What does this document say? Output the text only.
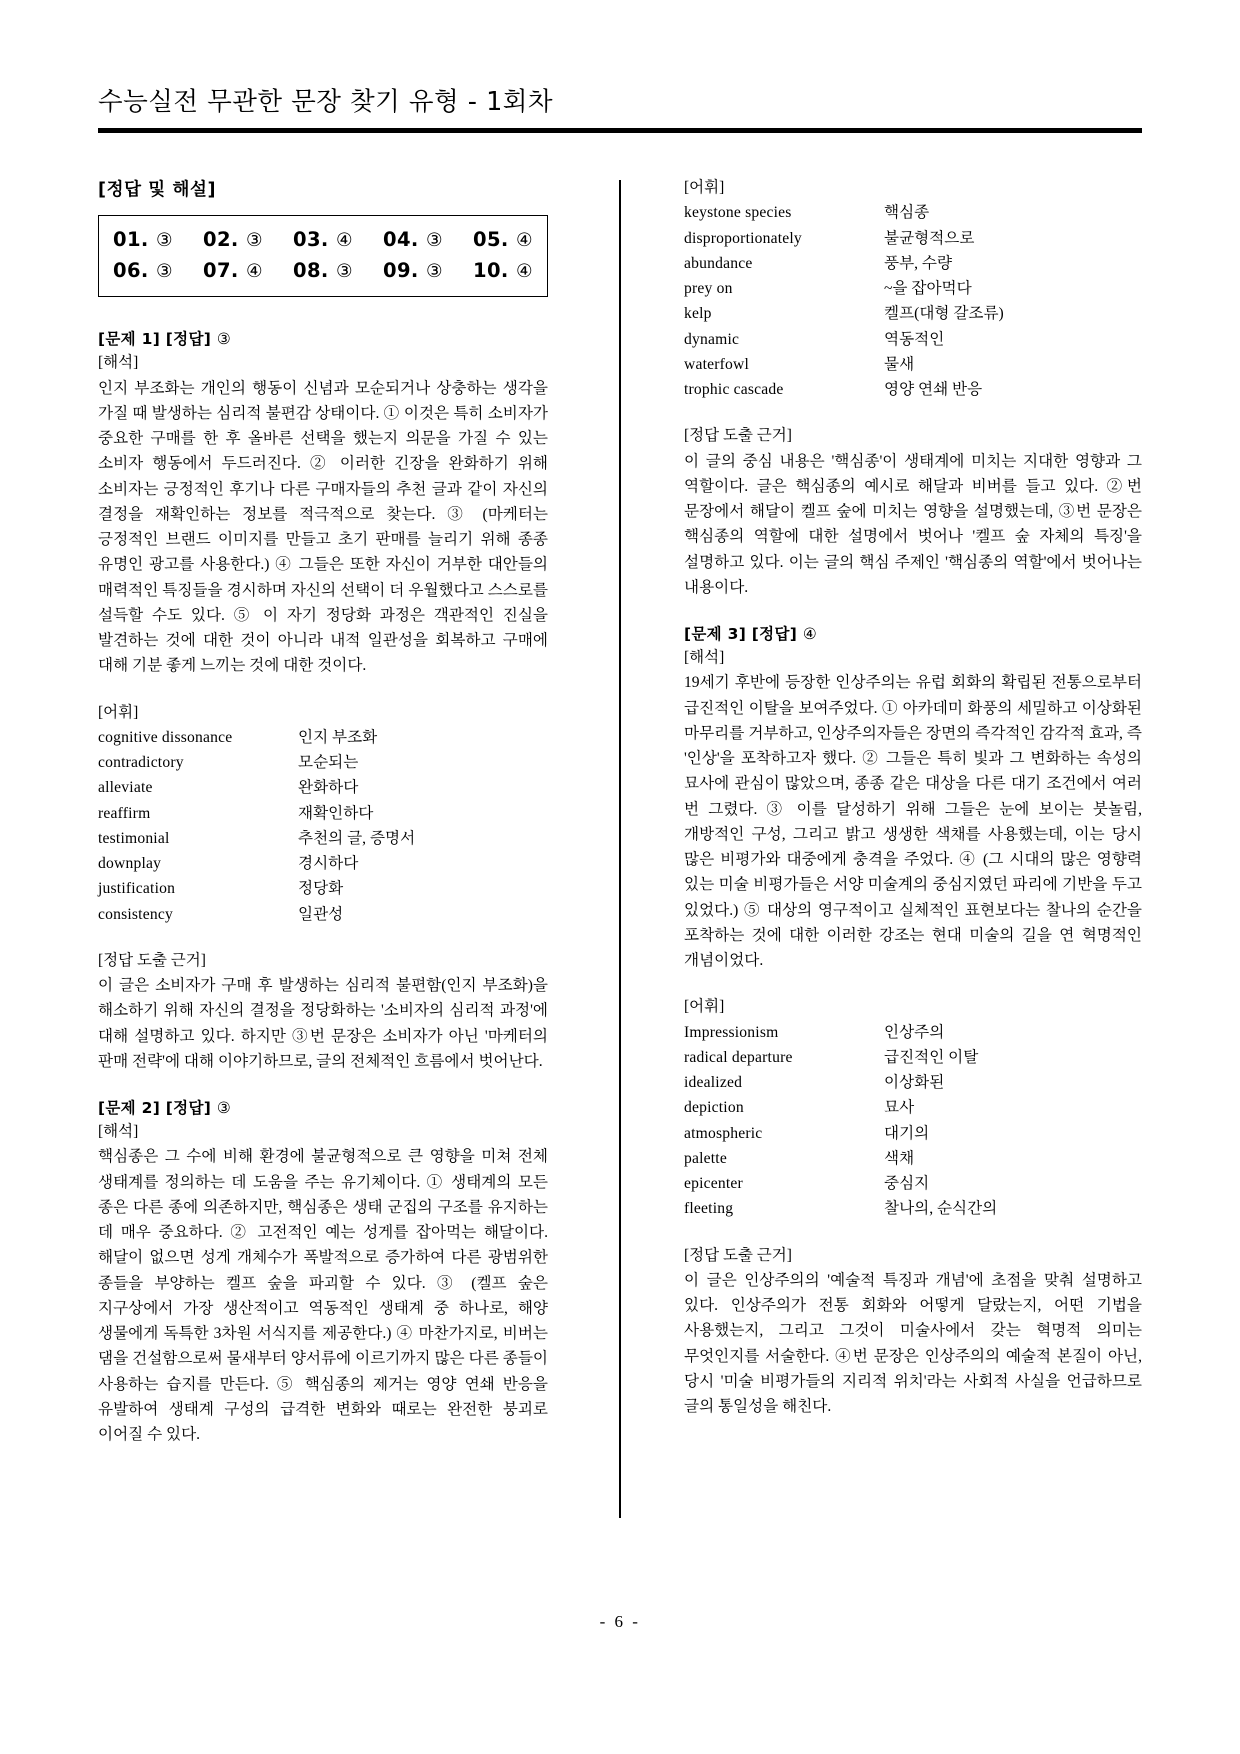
수능실전 무관한 문장 찾기 유형 - 1회차
[정답 및 해설]
01. ③ 02. ③ 03. ④ 04. ③ 05. ④
06. ③ 07. ④ 08. ③ 09. ③ 10. ④
[문제 1] [정답] ③
[해석]

인지 부조화는 개인의 행동이 신념과 모순되거나 상충하는 생각을 가질 때 발생하는 심리적 불편감 상태이다. ① 이것은 특히 소비자가 중요한 구매를 한 후 올바른 선택을 했는지 의문을 가질 수 있는 소비자 행동에서 두드러진다. ② 이러한 긴장을 완화하기 위해 소비자는 긍정적인 후기나 다른 구매자들의 추천 글과 같이 자신의 결정을 재확인하는 정보를 적극적으로 찾는다. ③ (마케터는 긍정적인 브랜드 이미지를 만들고 초기 판매를 늘리기 위해 종종 유명인 광고를 사용한다.) ④ 그들은 또한 자신이 거부한 대안들의 매력적인 특징들을 경시하며 자신의 선택이 더 우월했다고 스스로를 설득할 수도 있다. ⑤ 이 자기 정당화 과정은 객관적인 진실을 발견하는 것에 대한 것이 아니라 내적 일관성을 회복하고 구매에 대해 기분 좋게 느끼는 것에 대한 것이다.

[어휘]
cognitive dissonance	인지 부조화
contradictory	모순되는
alleviate	완화하다
reaffirm	재확인하다
testimonial	추천의 글, 증명서
downplay	경시하다
justification	정당화
consistency	일관성
[정답 도출 근거]

이 글은 소비자가 구매 후 발생하는 심리적 불편함(인지 부조화)을 해소하기 위해 자신의 결정을 정당화하는 '소비자의 심리적 과정'에 대해 설명하고 있다. 하지만 ③번 문장은 소비자가 아닌 '마케터의 판매 전략'에 대해 이야기하므로, 글의 전체적인 흐름에서 벗어난다.

[문제 2] [정답] ③
[해석]

핵심종은 그 수에 비해 환경에 불균형적으로 큰 영향을 미쳐 전체 생태계를 정의하는 데 도움을 주는 유기체이다. ① 생태계의 모든 종은 다른 종에 의존하지만, 핵심종은 생태 군집의 구조를 유지하는 데 매우 중요하다. ② 고전적인 예는 성게를 잡아먹는 해달이다. 해달이 없으면 성게 개체수가 폭발적으로 증가하여 다른 광범위한 종들을 부양하는 켈프 숲을 파괴할 수 있다. ③ (켈프 숲은 지구상에서 가장 생산적이고 역동적인 생태계 중 하나로, 해양 생물에게 독특한 3차원 서식지를 제공한다.) ④ 마찬가지로, 비버는 댐을 건설함으로써 물새부터 양서류에 이르기까지 많은 다른 종들이 사용하는 습지를 만든다. ⑤ 핵심종의 제거는 영양 연쇄 반응을 유발하여 생태계 구성의 급격한 변화와 때로는 완전한 붕괴로 이어질 수 있다.

[어휘]
keystone species	핵심종
disproportionately	불균형적으로
abundance	풍부, 수량
prey on	~을 잡아먹다
kelp	켈프(대형 갈조류)
dynamic	역동적인
waterfowl	물새
trophic cascade	영양 연쇄 반응
[정답 도출 근거]

이 글의 중심 내용은 '핵심종'이 생태계에 미치는 지대한 영향과 그 역할이다. 글은 핵심종의 예시로 해달과 비버를 들고 있다. ②번 문장에서 해달이 켈프 숲에 미치는 영향을 설명했는데, ③번 문장은 핵심종의 역할에 대한 설명에서 벗어나 '켈프 숲 자체의 특징'을 설명하고 있다. 이는 글의 핵심 주제인 '핵심종의 역할'에서 벗어나는 내용이다.

[문제 3] [정답] ④
[해석]

19세기 후반에 등장한 인상주의는 유럽 회화의 확립된 전통으로부터 급진적인 이탈을 보여주었다. ① 아카데미 화풍의 세밀하고 이상화된 마무리를 거부하고, 인상주의자들은 장면의 즉각적인 감각적 효과, 즉 '인상'을 포착하고자 했다. ② 그들은 특히 빛과 그 변화하는 속성의 묘사에 관심이 많았으며, 종종 같은 대상을 다른 대기 조건에서 여러 번 그렸다. ③ 이를 달성하기 위해 그들은 눈에 보이는 붓놀림, 개방적인 구성, 그리고 밝고 생생한 색채를 사용했는데, 이는 당시 많은 비평가와 대중에게 충격을 주었다. ④ (그 시대의 많은 영향력 있는 미술 비평가들은 서양 미술계의 중심지였던 파리에 기반을 두고 있었다.) ⑤ 대상의 영구적이고 실체적인 표현보다는 찰나의 순간을 포착하는 것에 대한 이러한 강조는 현대 미술의 길을 연 혁명적인 개념이었다.

[어휘]
Impressionism	인상주의
radical departure	급진적인 이탈
idealized	이상화된
depiction	묘사
atmospheric	대기의
palette	색채
epicenter	중심지
fleeting	찰나의, 순식간의
[정답 도출 근거]

이 글은 인상주의의 '예술적 특징과 개념'에 초점을 맞춰 설명하고 있다. 인상주의가 전통 회화와 어떻게 달랐는지, 어떤 기법을 사용했는지, 그리고 그것이 미술사에서 갖는 혁명적 의미는 무엇인지를 서술한다. ④번 문장은 인상주의의 예술적 본질이 아닌, 당시 '미술 비평가들의 지리적 위치'라는 사회적 사실을 언급하므로 글의 통일성을 해친다.

- 6 -
